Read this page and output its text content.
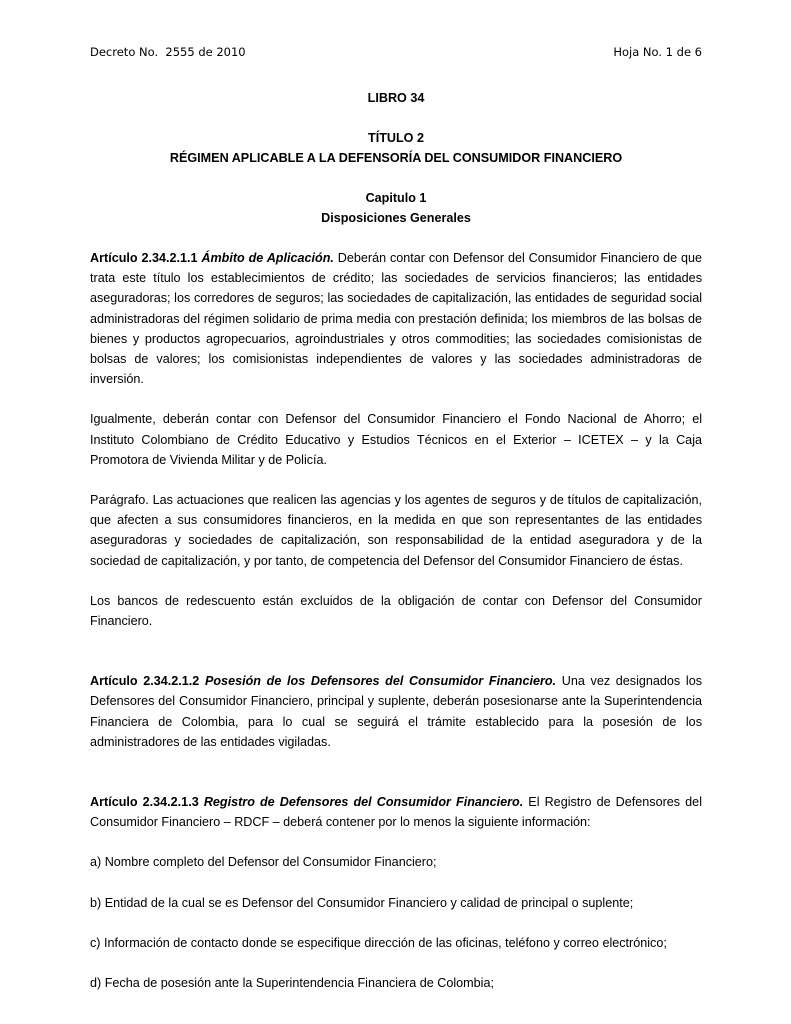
Decreto No.  2555 de 2010	Hoja No. 1 de 6
LIBRO 34
TÍTULO 2
RÉGIMEN APLICABLE A LA DEFENSORÍA DEL CONSUMIDOR FINANCIERO
Capitulo 1
Disposiciones Generales

Artículo 2.34.2.1.1 Ámbito de Aplicación. Deberán contar con Defensor del Consumidor Financiero de que trata este título los establecimientos de crédito; las sociedades de servicios financieros; las entidades aseguradoras; los corredores de seguros; las sociedades de capitalización, las entidades de seguridad social administradoras del régimen solidario de prima media con prestación definida; los miembros de las bolsas de bienes y productos agropecuarios, agroindustriales y otros commodities; las sociedades comisionistas de bolsas de valores; los comisionistas independientes de valores y las sociedades administradoras de inversión.

Igualmente, deberán contar con Defensor del Consumidor Financiero el Fondo Nacional de Ahorro; el Instituto Colombiano de Crédito Educativo y Estudios Técnicos en el Exterior – ICETEX – y la Caja Promotora de Vivienda Militar y de Policía.

Parágrafo. Las actuaciones que realicen las agencias y los agentes de seguros y de títulos de capitalización, que afecten a sus consumidores financieros, en la medida en que son representantes de las entidades aseguradoras y sociedades de capitalización, son responsabilidad de la entidad aseguradora y de la sociedad de capitalización, y por tanto, de competencia del Defensor del Consumidor Financiero de éstas.

Los bancos de redescuento están excluidos de la obligación de contar con Defensor del Consumidor Financiero.

Artículo 2.34.2.1.2 Posesión de los Defensores del Consumidor Financiero. Una vez designados los Defensores del Consumidor Financiero, principal y suplente, deberán posesionarse ante la Superintendencia Financiera de Colombia, para lo cual se seguirá el trámite establecido para la posesión de los administradores de las entidades vigiladas.

Artículo 2.34.2.1.3 Registro de Defensores del Consumidor Financiero. El Registro de Defensores del Consumidor Financiero – RDCF – deberá contener por lo menos la siguiente información:

a) Nombre completo del Defensor del Consumidor Financiero;

b) Entidad de la cual se es Defensor del Consumidor Financiero y calidad de principal o suplente;

c) Información de contacto donde se especifique dirección de las oficinas, teléfono y correo electrónico;

d) Fecha de posesión ante la Superintendencia Financiera de Colombia;
